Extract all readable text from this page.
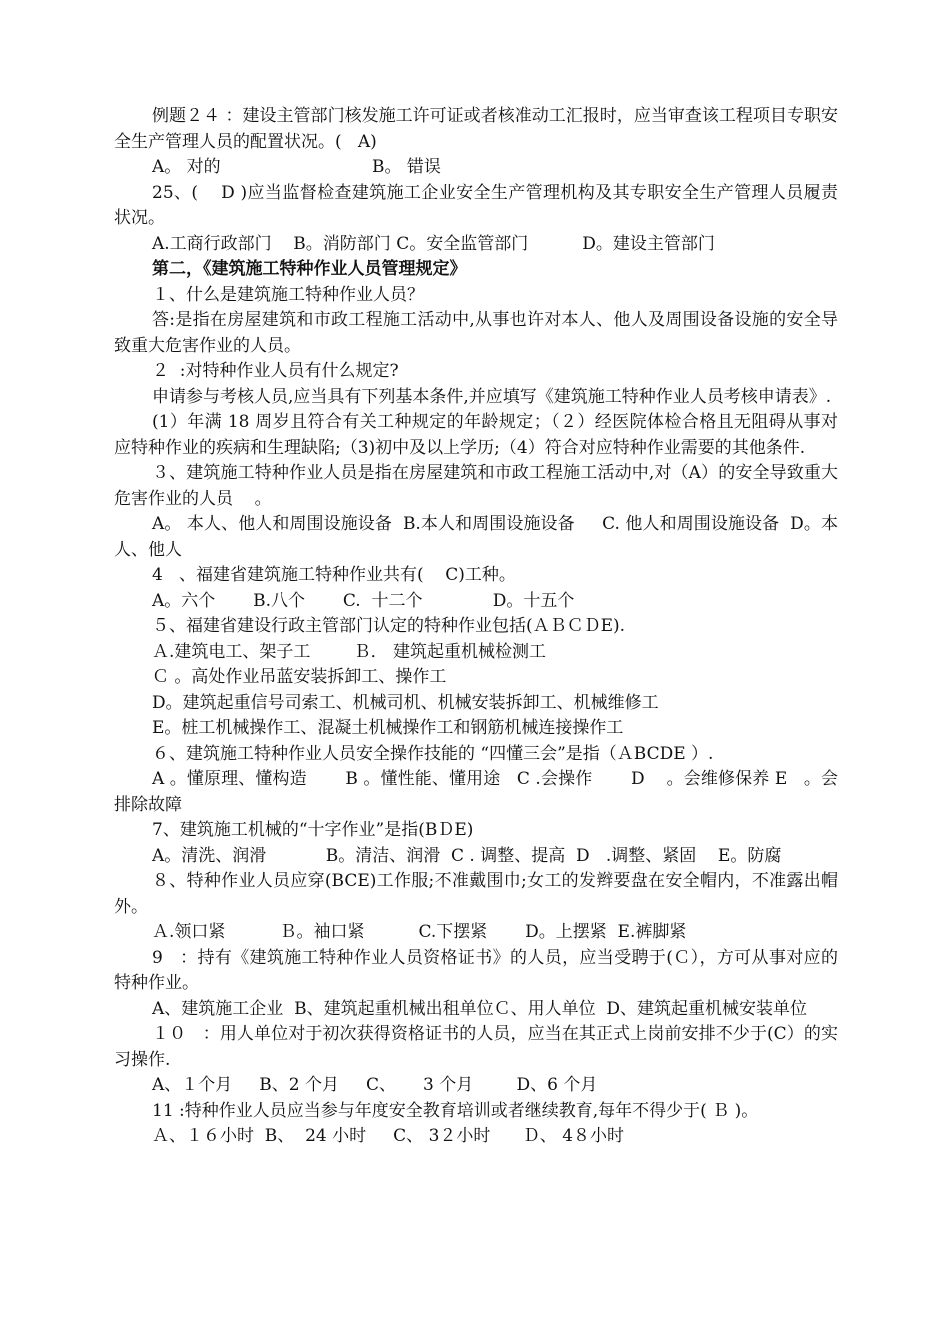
例题２４ ：建设主管部门核发施工许可证或者核准动工汇报时，应当审查该工程项目专职安全生产管理人员的配置状况。(   A)

A。 对的                            B。 错误

25、(    D )应当监督检查建筑施工企业安全生产管理机构及其专职安全生产管理人员履责状况。

A.工商行政部门    B。消防部门 C。安全监管部门          D。建设主管部门

第二，《建筑施工特种作业人员管理规定》

１、什么是建筑施工特种作业人员？

答:是指在房屋建筑和市政工程施工活动中,从事也许对本人、他人及周围设备设施的安全导致重大危害作业的人员。

２  :对特种作业人员有什么规定?

申请参与考核人员,应当具有下列基本条件,并应填写《建筑施工特种作业人员考核申请表》.

(1）年满 18 周岁且符合有关工种规定的年龄规定；（２）经医院体检合格且无阻碍从事对应特种作业的疾病和生理缺陷;（3)初中及以上学历;（4）符合对应特种作业需要的其他条件.

３、建筑施工特种作业人员是指在房屋建筑和市政工程施工活动中,对（A）的安全导致重大危害作业的人员    。

A。 本人、他人和周围设施设备  B.本人和周围设施设备     C. 他人和周围设施设备  D。本人、他人

4   、福建省建筑施工特种作业共有(    C)工种。

A。六个       B.八个       C.  十二个             D。十五个

５、福建省建设行政主管部门认定的特种作业包括(ＡＢＣＤE).

Ａ.建筑电工、架子工        Ｂ． 建筑起重机械检测工

Ｃ 。高处作业吊蓝安装拆卸工、操作工

D。建筑起重信号司索工、机械司机、机械安装拆卸工、机械维修工

E。桩工机械操作工、混凝土机械操作工和钢筋机械连接操作工

６、建筑施工特种作业人员安全操作技能的 “四懂三会”是指（ＡBCDE ）.

A 。懂原理、懂构造       B 。懂性能、懂用途   C .会操作       D    。会维修保养 E   。会排除故障

7、建筑施工机械的“十字作业”是指(BＤE)

A。清洗、润滑           B。清洁、润滑  C . 调整、提高  D   .调整、紧固    E。防腐

８、特种作业人员应穿(BCE)工作服;不准戴围巾;女工的发辫要盘在安全帽内，不准露出帽外。

Ａ.领口紧          Ｂ。袖口紧          C.下摆紧       D。上摆紧  E.裤脚紧

9   ：持有《建筑施工特种作业人员资格证书》的人员，应当受聘于(Ｃ），方可从事对应的特种作业。

A、建筑施工企业  B、建筑起重机械出租单位Ｃ、用人单位  D、建筑起重机械安装单位

１０   ：用人单位对于初次获得资格证书的人员，应当在其正式上岗前安排不少于(C）的实习操作.

A、１个月     B、2 个月     C、     3 个月        D、6 个月

11 :特种作业人员应当参与年度安全教育培训或者继续教育,每年不得少于( Ｂ )。

Ａ、１６小时  B、  24 小时     C、 3２小时      Ｄ、 4８小时
